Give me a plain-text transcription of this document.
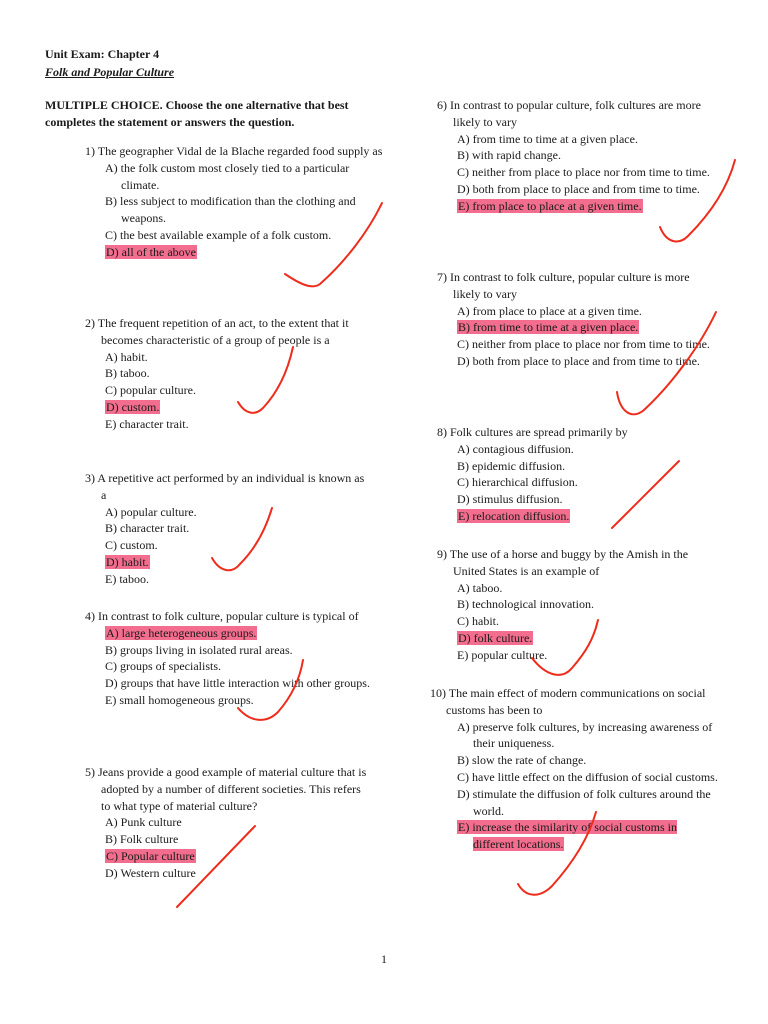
Unit Exam: Chapter 4
Folk and Popular Culture
MULTIPLE CHOICE. Choose the one alternative that best completes the statement or answers the question.
1) The geographer Vidal de la Blache regarded food supply as
A) the folk custom most closely tied to a particular climate.
B) less subject to modification than the clothing and weapons.
C) the best available example of a folk custom.
D) all of the above
2) The frequent repetition of an act, to the extent that it becomes characteristic of a group of people is a
A) habit.
B) taboo.
C) popular culture.
D) custom.
E) character trait.
3) A repetitive act performed by an individual is known as a
A) popular culture.
B) character trait.
C) custom.
D) habit.
E) taboo.
4) In contrast to folk culture, popular culture is typical of
A) large heterogeneous groups.
B) groups living in isolated rural areas.
C) groups of specialists.
D) groups that have little interaction with other groups.
E) small homogeneous groups.
5) Jeans provide a good example of material culture that is adopted by a number of different societies. This refers to what type of material culture?
A) Punk culture
B) Folk culture
C) Popular culture
D) Western culture
6) In contrast to popular culture, folk cultures are more likely to vary
A) from time to time at a given place.
B) with rapid change.
C) neither from place to place nor from time to time.
D) both from place to place and from time to time.
E) from place to place at a given time.
7) In contrast to folk culture, popular culture is more likely to vary
A) from place to place at a given time.
B) from time to time at a given place.
C) neither from place to place nor from time to time.
D) both from place to place and from time to time.
8) Folk cultures are spread primarily by
A) contagious diffusion.
B) epidemic diffusion.
C) hierarchical diffusion.
D) stimulus diffusion.
E) relocation diffusion.
9) The use of a horse and buggy by the Amish in the United States is an example of
A) taboo.
B) technological innovation.
C) habit.
D) folk culture.
E) popular culture.
10) The main effect of modern communications on social customs has been to
A) preserve folk cultures, by increasing awareness of their uniqueness.
B) slow the rate of change.
C) have little effect on the diffusion of social customs.
D) stimulate the diffusion of folk cultures around the world.
E) increase the similarity of social customs in different locations.
1
